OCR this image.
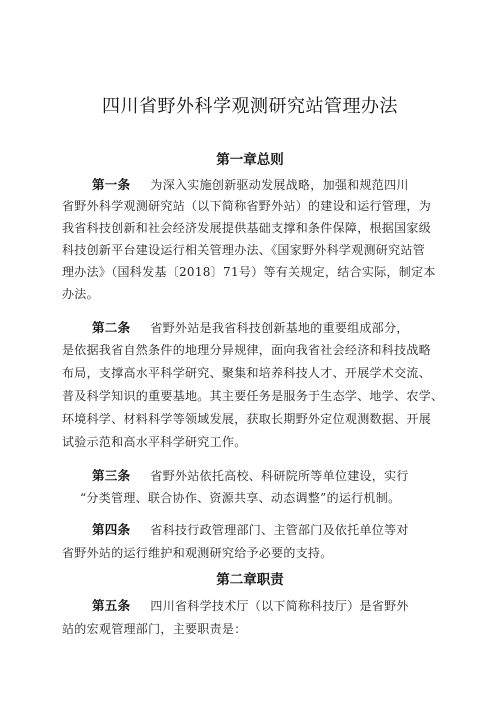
四川省野外科学观测研究站管理办法
第一章总则
第一条 为深入实施创新驱动发展战略，加强和规范四川
省野外科学观测研究站（以下简称省野外站）的建设和运行管理，为
我省科技创新和社会经济发展提供基础支撑和条件保障，根据国家级
科技创新平台建设运行相关管理办法、《国家野外科学观测研究站管
理办法》（国科发基〔2018〕71号）等有关规定，结合实际，制定本
办法。
第二条 省野外站是我省科技创新基地的重要组成部分，
是依据我省自然条件的地理分异规律，面向我省社会经济和科技战略
布局，支撑高水平科学研究、聚集和培养科技人才、开展学术交流、
普及科学知识的重要基地。其主要任务是服务于生态学、地学、农学、
环境科学、材料科学等领域发展，获取长期野外定位观测数据、开展
试验示范和高水平科学研究工作。
第三条 省野外站依托高校、科研院所等单位建设，实行
“分类管理、联合协作、资源共享、动态调整”的运行机制。
第四条 省科技行政管理部门、主管部门及依托单位等对
省野外站的运行维护和观测研究给予必要的支持。
第二章职责
第五条 四川省科学技术厅（以下简称科技厅）是省野外
站的宏观管理部门，主要职责是：
